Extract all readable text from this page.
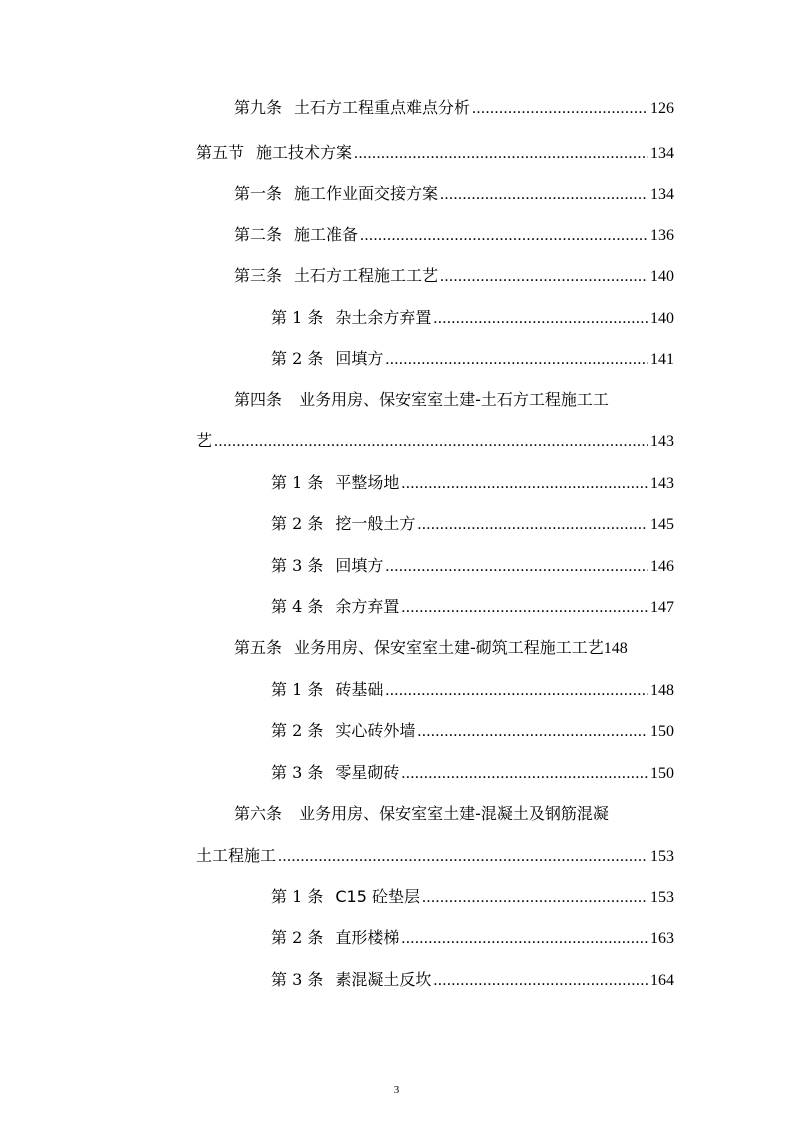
第九条 土石方工程重点难点分析 .....	126
第五节 施工技术方案 .....	134
第一条 施工作业面交接方案 .....	134
第二条 施工准备 .....	136
第三条 土石方工程施工工艺 .....	140
第 1 条 杂土余方弃置 .....	140
第 2 条 回填方 .....	141
第四条 业务用房、保安室室土建-土石方工程施工工
艺 .....	143
第 1 条 平整场地 .....	143
第 2 条 挖一般土方 .....	145
第 3 条 回填方 .....	146
第 4 条 余方弃置 .....	147
第五条 业务用房、保安室室土建-砌筑工程施工工艺 148
第 1 条 砖基础 .....	148
第 2 条 实心砖外墙 .....	150
第 3 条 零星砌砖 .....	150
第六条 业务用房、保安室室土建-混凝土及钢筋混凝
土工程施工 .....	153
第 1 条 C15 砼垫层 .....	153
第 2 条 直形楼梯 .....	163
第 3 条 素混凝土反坎 .....	164
3
